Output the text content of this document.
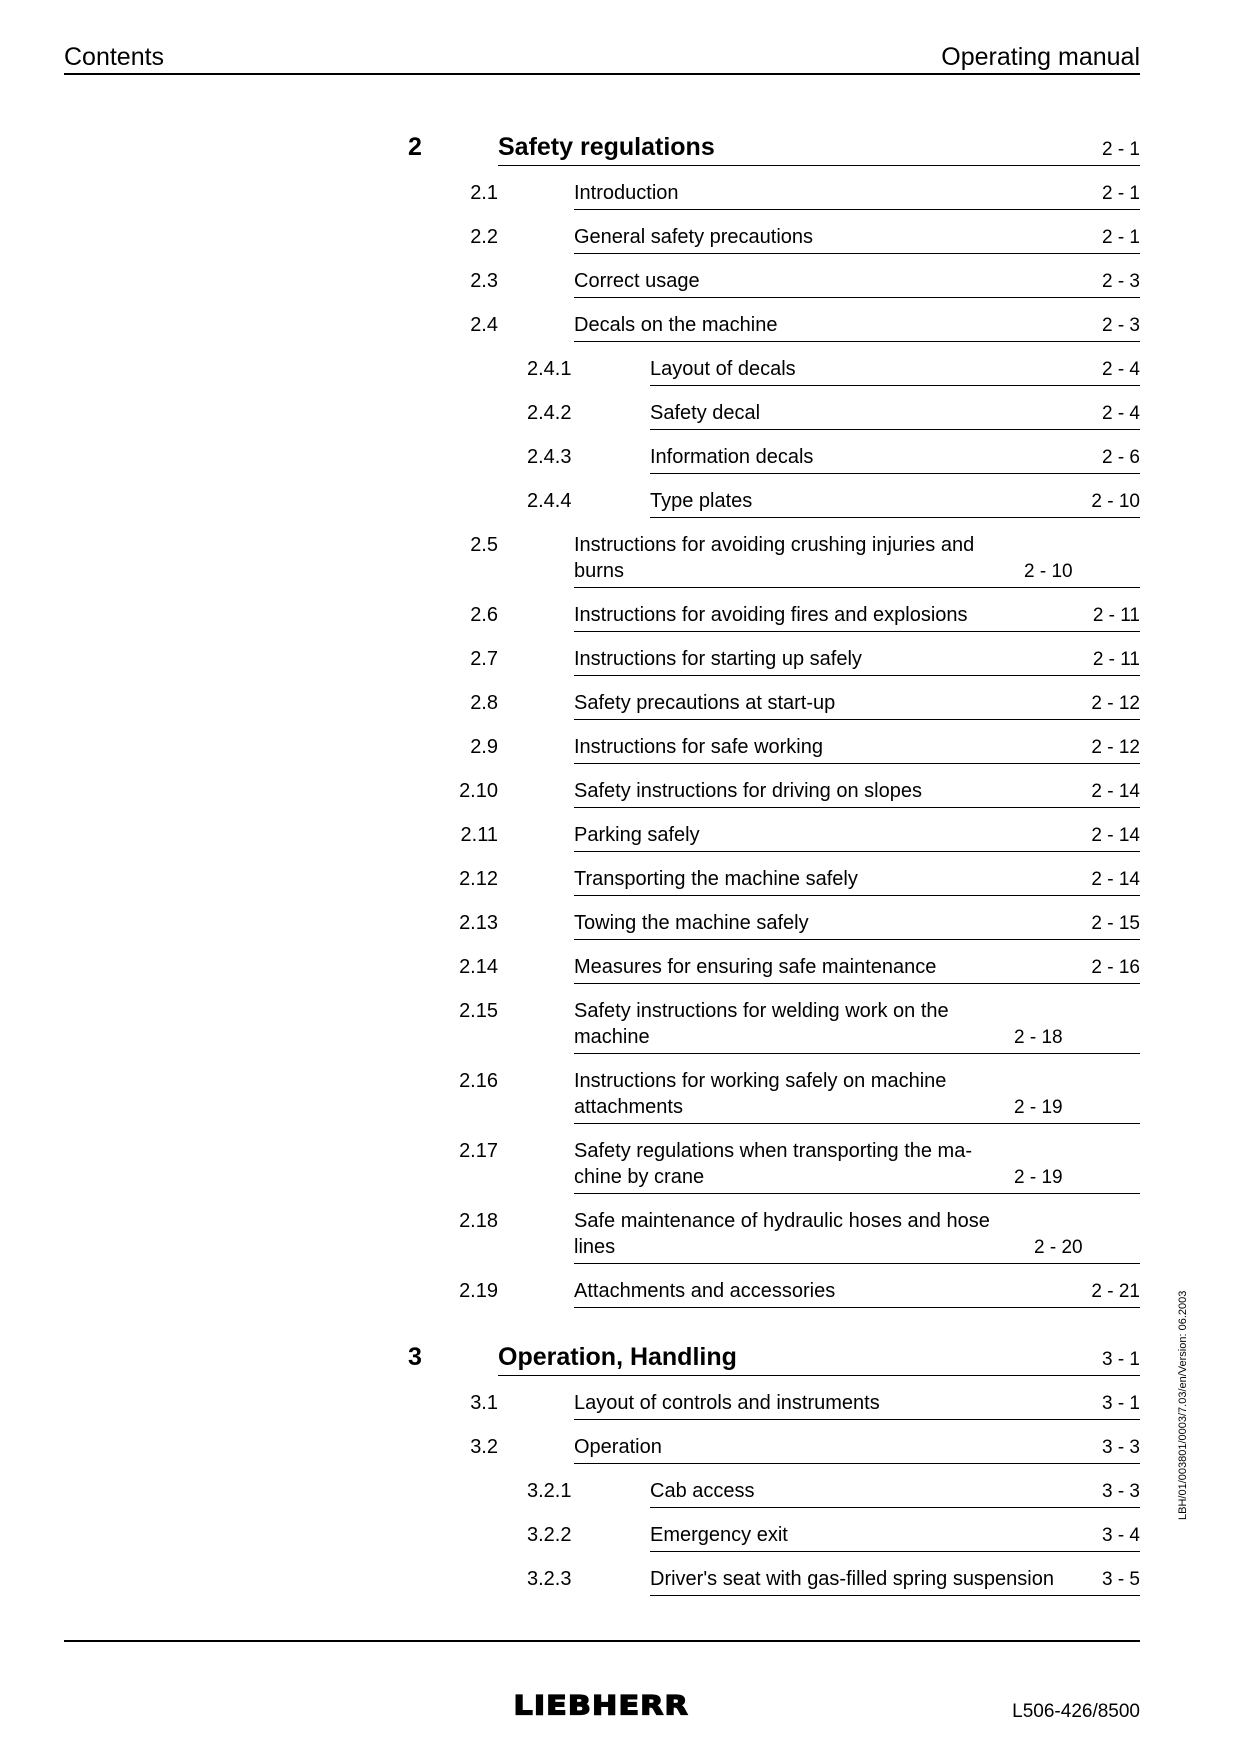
Contents	Operating manual
2	Safety regulations	2 - 1
2.1	Introduction	2 - 1
2.2	General safety precautions	2 - 1
2.3	Correct usage	2 - 3
2.4	Decals on the machine	2 - 3
2.4.1	Layout of decals	2 - 4
2.4.2	Safety decal	2 - 4
2.4.3	Information decals	2 - 6
2.4.4	Type plates	2 - 10
2.5	Instructions for avoiding crushing injuries and burns	2 - 10
2.6	Instructions for avoiding fires and explosions	2 - 11
2.7	Instructions for starting up safely	2 - 11
2.8	Safety precautions at start-up	2 - 12
2.9	Instructions for safe working	2 - 12
2.10	Safety instructions for driving on slopes	2 - 14
2.11	Parking safely	2 - 14
2.12	Transporting the machine safely	2 - 14
2.13	Towing the machine safely	2 - 15
2.14	Measures for ensuring safe maintenance	2 - 16
2.15	Safety instructions for welding work on the machine	2 - 18
2.16	Instructions for working safely on machine attachments	2 - 19
2.17	Safety regulations when transporting the ma-chine by crane	2 - 19
2.18	Safe maintenance of hydraulic hoses and hose lines	2 - 20
2.19	Attachments and accessories	2 - 21
3	Operation, Handling	3 - 1
3.1	Layout of controls and instruments	3 - 1
3.2	Operation	3 - 3
3.2.1	Cab access	3 - 3
3.2.2	Emergency exit	3 - 4
3.2.3	Driver's seat with gas-filled spring suspension	3 - 5
LBH/01/003801/0003/7.03/en/Version: 06.2003
LIEBHERR	L506-426/8500
